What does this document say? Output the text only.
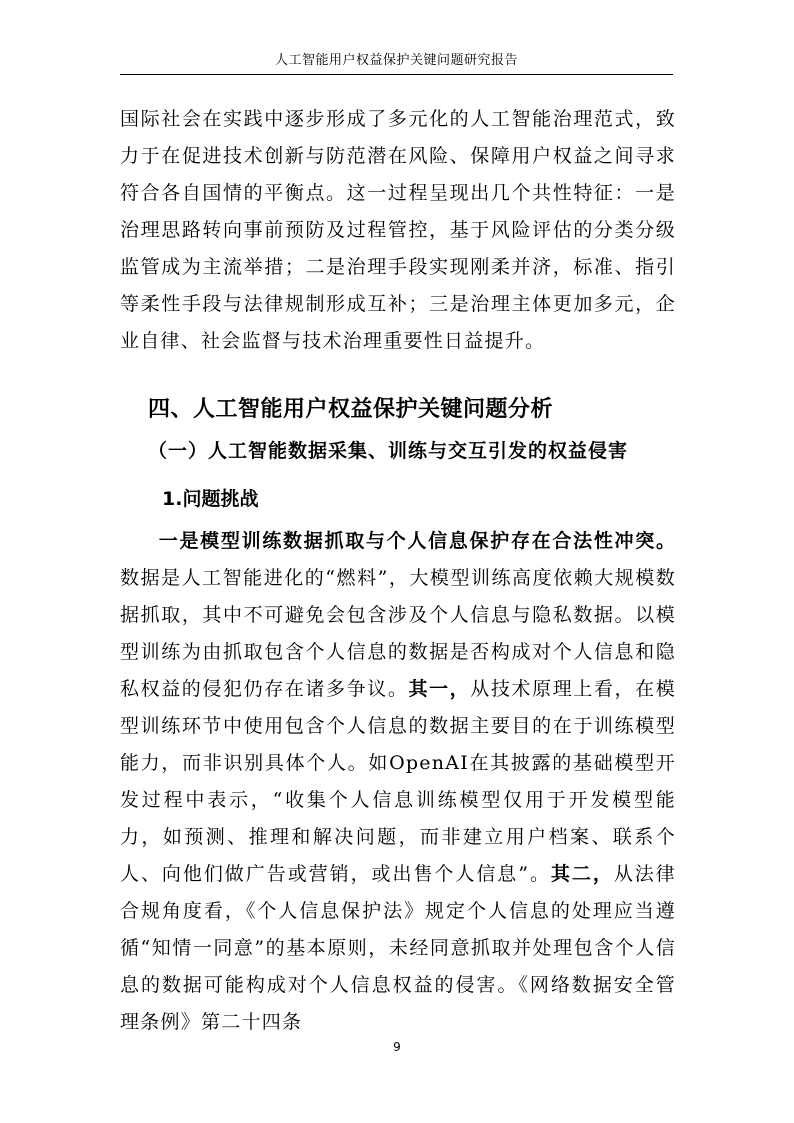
人工智能用户权益保护关键问题研究报告

国际社会在实践中逐步形成了多元化的人工智能治理范式，致力于在促进技术创新与防范潜在风险、保障用户权益之间寻求符合各自国情的平衡点。这一过程呈现出几个共性特征：一是治理思路转向事前预防及过程管控，基于风险评估的分类分级监管成为主流举措；二是治理手段实现刚柔并济，标准、指引等柔性手段与法律规制形成互补；三是治理主体更加多元，企业自律、社会监督与技术治理重要性日益提升。

四、人工智能用户权益保护关键问题分析
（一）人工智能数据采集、训练与交互引发的权益侵害
1.问题挑战

一是模型训练数据抓取与个人信息保护存在合法性冲突。数据是人工智能进化的“燃料”，大模型训练高度依赖大规模数据抓取，其中不可避免会包含涉及个人信息与隐私数据。以模型训练为由抓取包含个人信息的数据是否构成对个人信息和隐私权益的侵犯仍存在诸多争议。其一，从技术原理上看，在模型训练环节中使用包含个人信息的数据主要目的在于训练模型能力，而非识别具体个人。如OpenAI在其披露的基础模型开发过程中表示，“收集个人信息训练模型仅用于开发模型能力，如预测、推理和解决问题，而非建立用户档案、联系个人、向他们做广告或营销，或出售个人信息”。其二，从法律合规角度看，《个人信息保护法》规定个人信息的处理应当遵循“知情一同意”的基本原则，未经同意抓取并处理包含个人信息的数据可能构成对个人信息权益的侵害。《网络数据安全管理条例》第二十四条

9
